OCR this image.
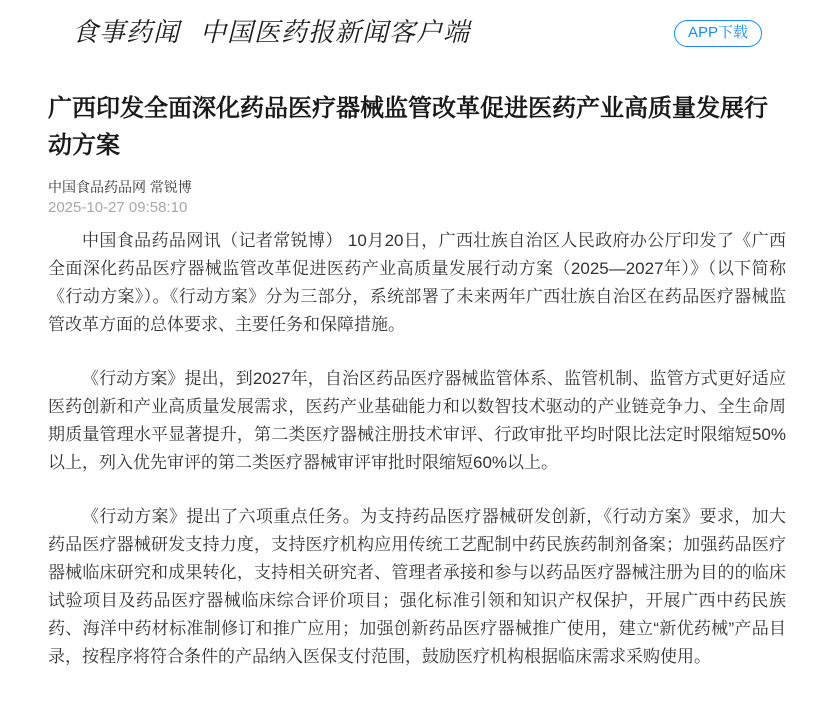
食事药闻 中国医药报新闻客户端	APP下载
广西印发全面深化药品医疗器械监管改革促进医药产业高质量发展行动方案
中国食品药品网 常锐博
2025-10-27 09:58:10

中国食品药品网讯（记者常锐博） 10月20日，广西壮族自治区人民政府办公厅印发了《广西全面深化药品医疗器械监管改革促进医药产业高质量发展行动方案（2025—2027年）》（以下简称《行动方案》）。《行动方案》分为三部分，系统部署了未来两年广西壮族自治区在药品医疗器械监管改革方面的总体要求、主要任务和保障措施。

《行动方案》提出，到2027年，自治区药品医疗器械监管体系、监管机制、监管方式更好适应医药创新和产业高质量发展需求，医药产业基础能力和以数智技术驱动的产业链竞争力、全生命周期质量管理水平显著提升，第二类医疗器械注册技术审评、行政审批平均时限比法定时限缩短50%以上，列入优先审评的第二类医疗器械审评审批时限缩短60%以上。

《行动方案》提出了六项重点任务。为支持药品医疗器械研发创新，《行动方案》要求，加大药品医疗器械研发支持力度，支持医疗机构应用传统工艺配制中药民族药制剂备案；加强药品医疗器械临床研究和成果转化，支持相关研究者、管理者承接和参与以药品医疗器械注册为目的的临床试验项目及药品医疗器械临床综合评价项目；强化标准引领和知识产权保护，开展广西中药民族药、海洋中药材标准制修订和推广应用；加强创新药品医疗器械推广使用，建立“新优药械”产品目录，按程序将符合条件的产品纳入医保支付范围，鼓励医疗机构根据临床需求采购使用。
